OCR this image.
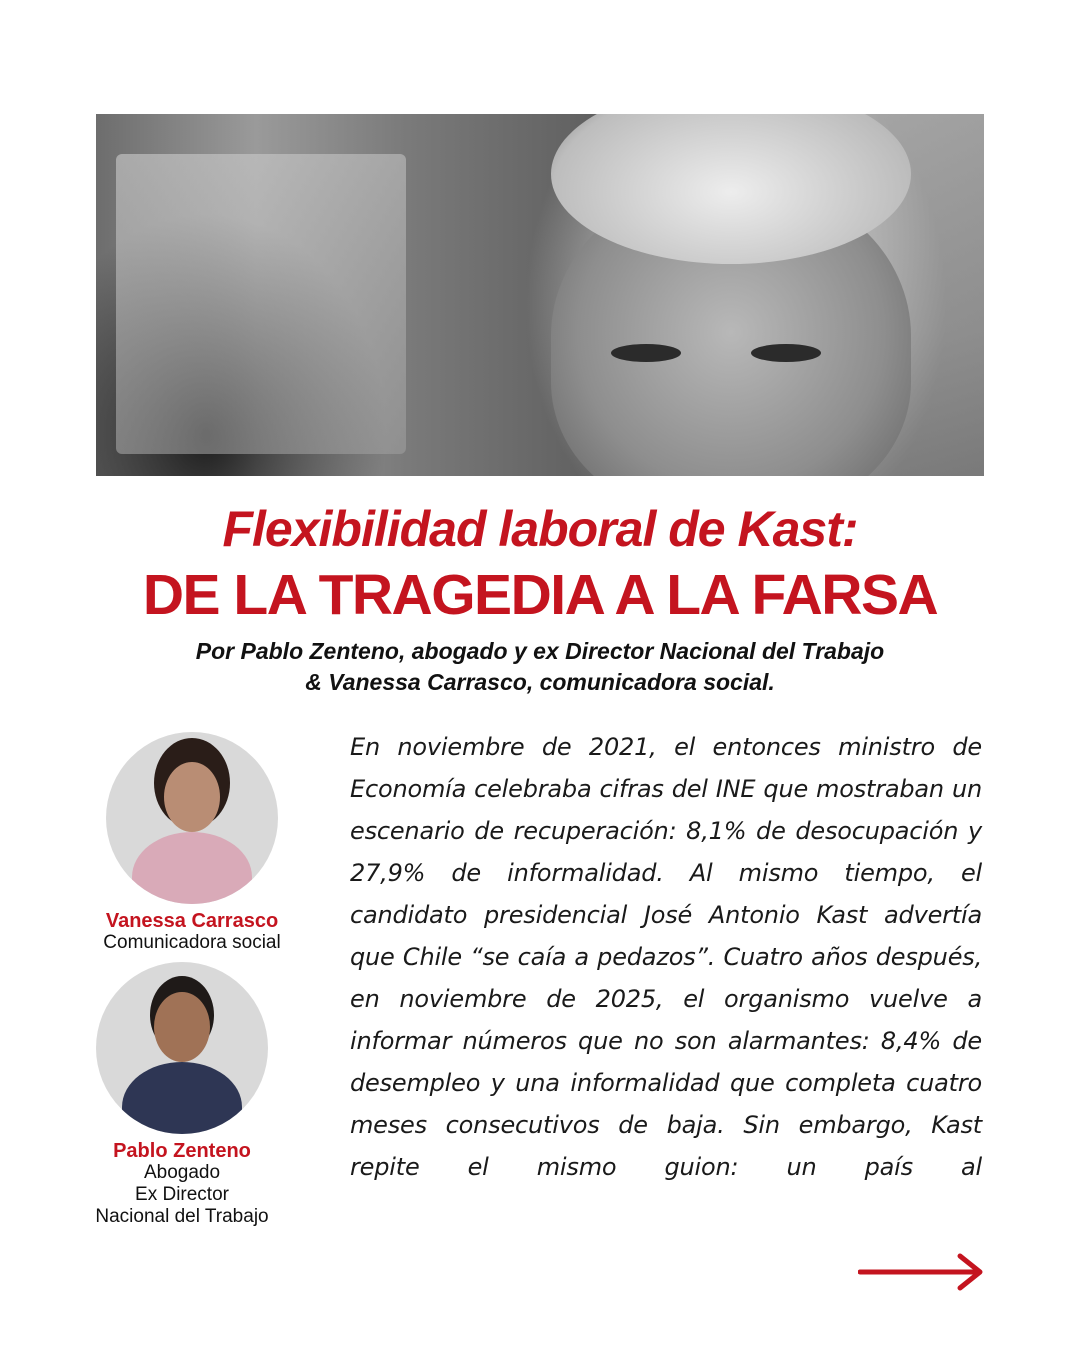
Flexibilidad laboral de Kast:
DE LA TRAGEDIA A LA FARSA
Por Pablo Zenteno, abogado y ex Director Nacional del Trabajo
& Vanessa Carrasco, comunicadora social.
Vanessa Carrasco
Comunicadora social
Pablo Zenteno
Abogado
Ex Director
Nacional del Trabajo

En noviembre de 2021, el entonces ministro de Economía celebraba cifras del INE que mostraban un escenario de recuperación: 8,1% de desocupación y 27,9% de informalidad. Al mismo tiempo, el candidato presidencial José Antonio Kast advertía que Chile “se caía a pedazos”. Cuatro años después, en noviembre de 2025, el organismo vuelve a informar números que no son alarmantes: 8,4% de desempleo y una informalidad que completa cuatro meses consecutivos de baja. Sin embargo, Kast repite el mismo guion: un país al
